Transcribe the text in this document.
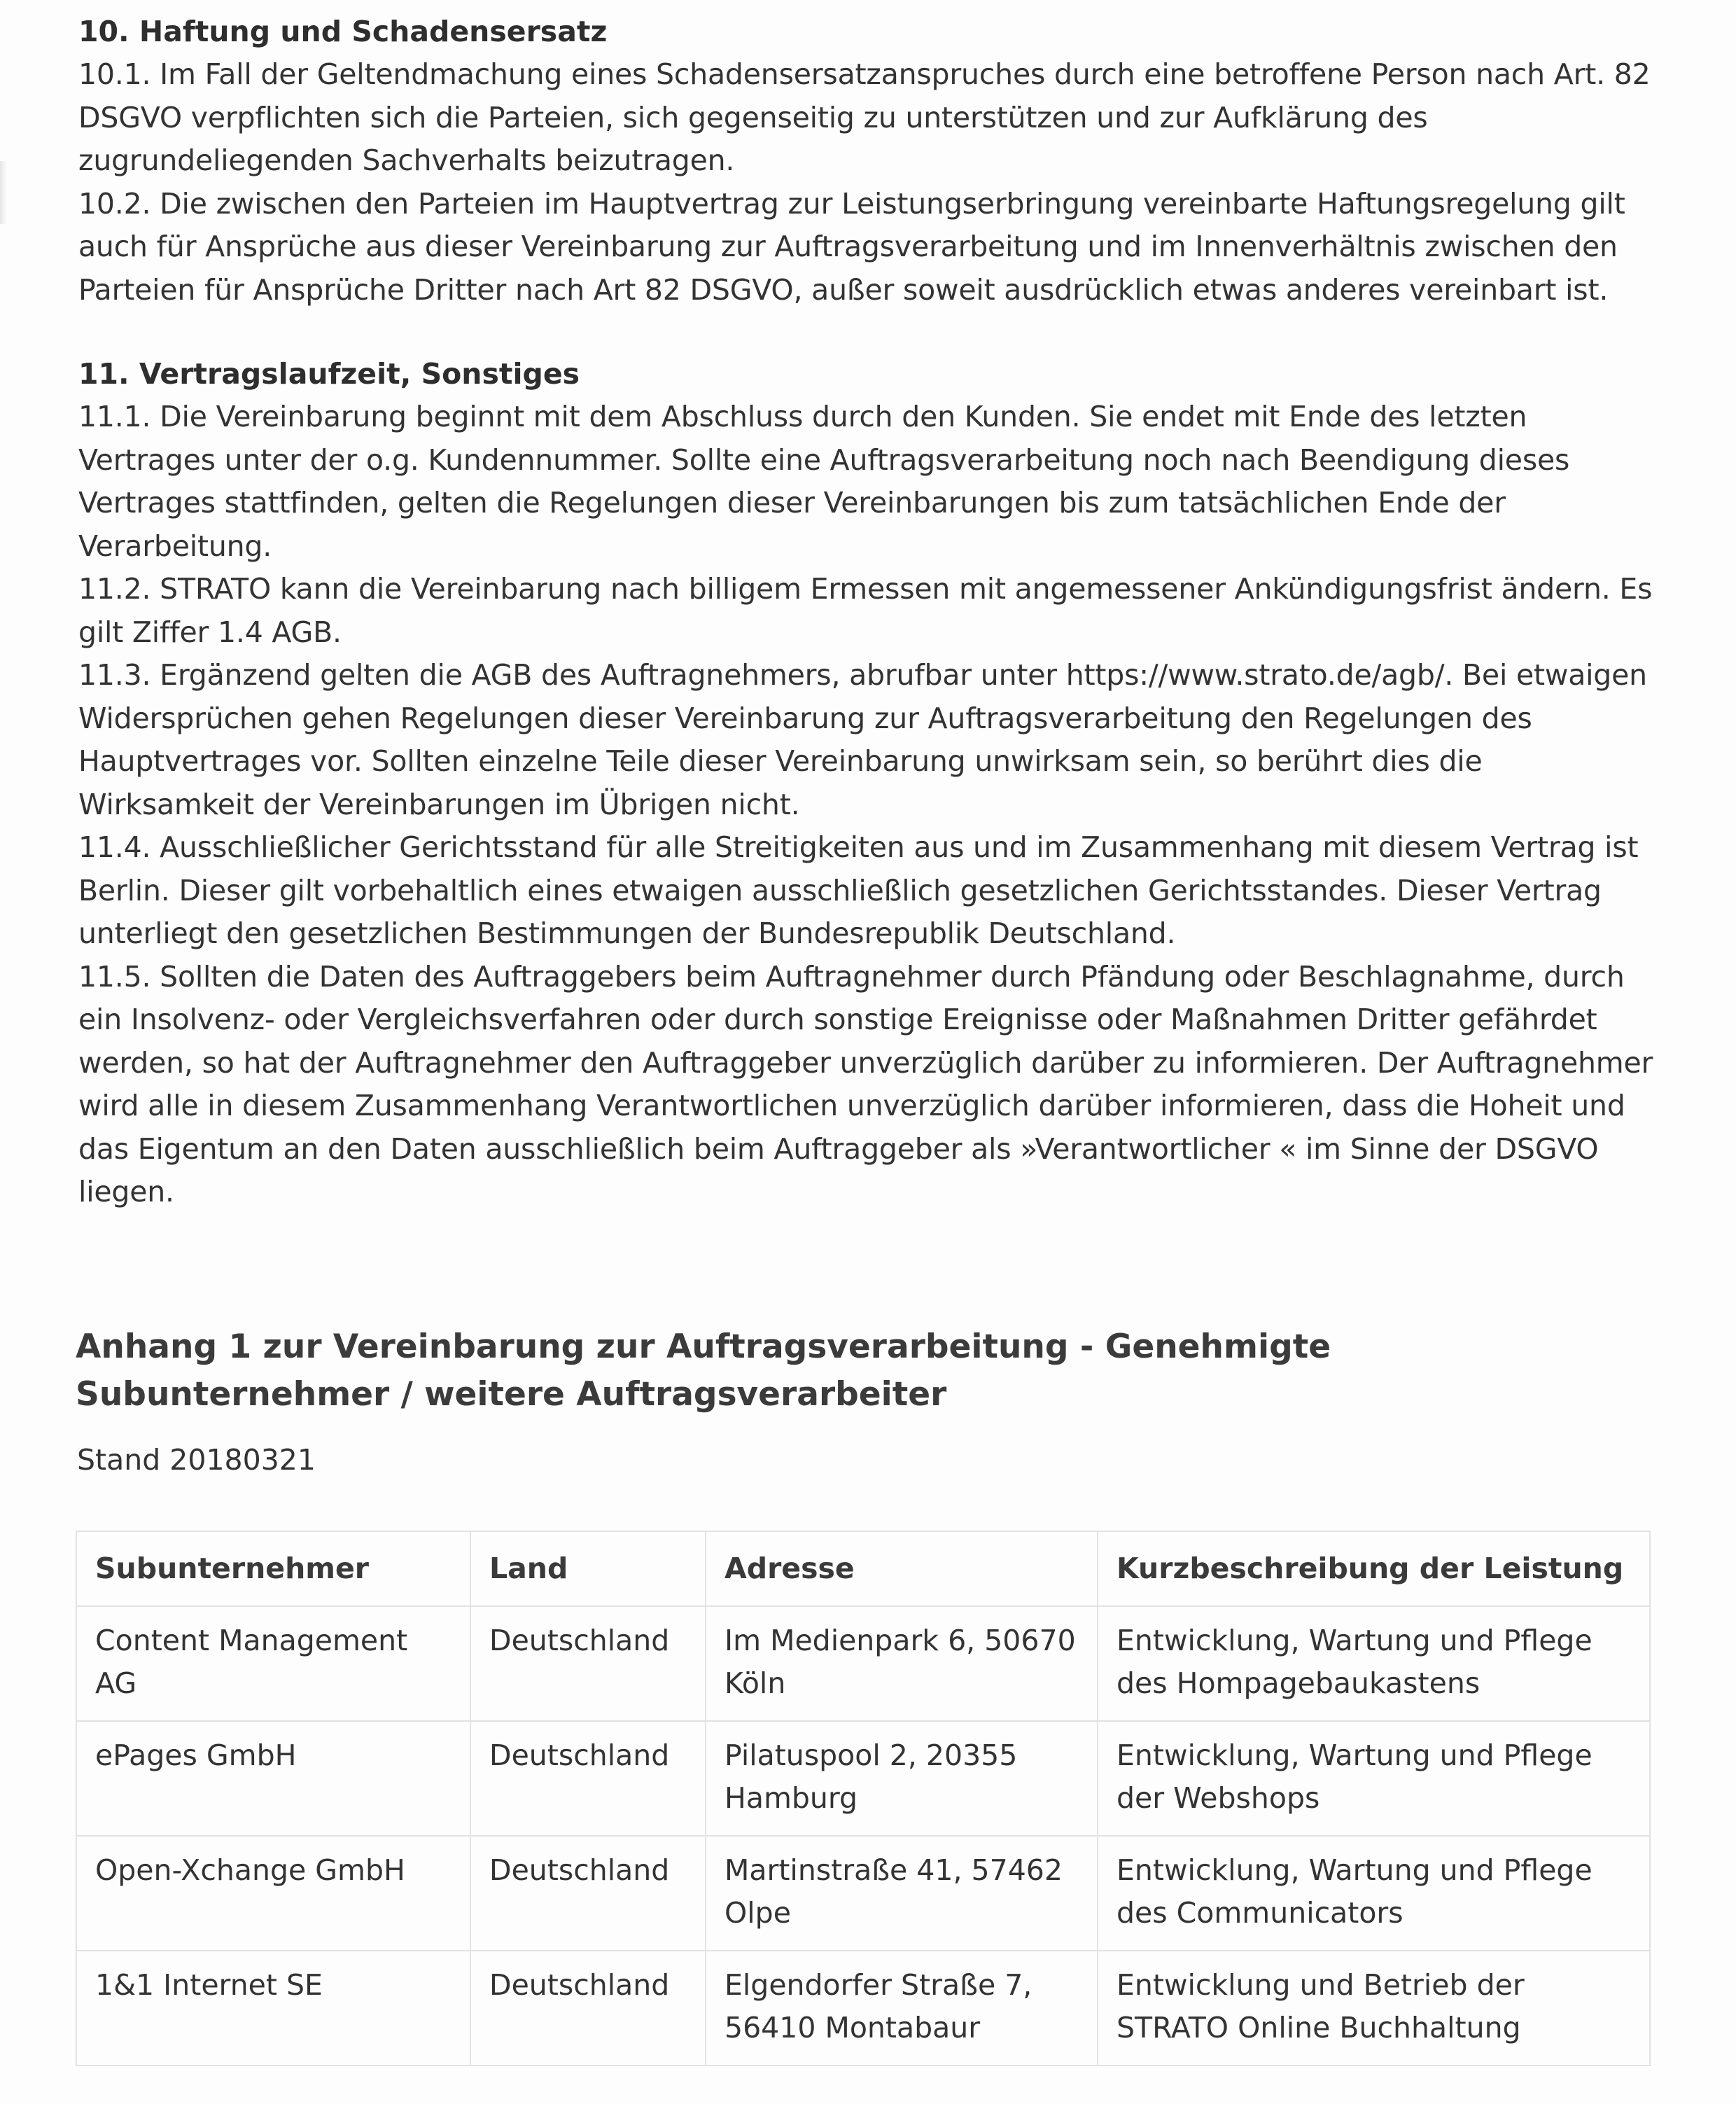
10. Haftung und Schadensersatz

10.1. Im Fall der Geltendmachung eines Schadensersatzanspruches durch eine betroffene Person nach Art. 82 DSGVO verpflichten sich die Parteien, sich gegenseitig zu unterstützen und zur Aufklärung des zugrundeliegenden Sachverhalts beizutragen.

10.2. Die zwischen den Parteien im Hauptvertrag zur Leistungserbringung vereinbarte Haftungsregelung gilt auch für Ansprüche aus dieser Vereinbarung zur Auftragsverarbeitung und im Innenverhältnis zwischen den Parteien für Ansprüche Dritter nach Art 82 DSGVO, außer soweit ausdrücklich etwas anderes vereinbart ist.

11. Vertragslaufzeit, Sonstiges

11.1. Die Vereinbarung beginnt mit dem Abschluss durch den Kunden. Sie endet mit Ende des letzten Vertrages unter der o.g. Kundennummer. Sollte eine Auftragsverarbeitung noch nach Beendigung dieses Vertrages stattfinden, gelten die Regelungen dieser Vereinbarungen bis zum tatsächlichen Ende der Verarbeitung.

11.2. STRATO kann die Vereinbarung nach billigem Ermessen mit angemessener Ankündigungsfrist ändern. Es gilt Ziffer 1.4 AGB.

11.3. Ergänzend gelten die AGB des Auftragnehmers, abrufbar unter https://www.strato.de/agb/. Bei etwaigen Widersprüchen gehen Regelungen dieser Vereinbarung zur Auftragsverarbeitung den Regelungen des Hauptvertrages vor. Sollten einzelne Teile dieser Vereinbarung unwirksam sein, so berührt dies die Wirksamkeit der Vereinbarungen im Übrigen nicht.

11.4. Ausschließlicher Gerichtsstand für alle Streitigkeiten aus und im Zusammenhang mit diesem Vertrag ist Berlin. Dieser gilt vorbehaltlich eines etwaigen ausschließlich gesetzlichen Gerichtsstandes. Dieser Vertrag unterliegt den gesetzlichen Bestimmungen der Bundesrepublik Deutschland.

11.5. Sollten die Daten des Auftraggebers beim Auftragnehmer durch Pfändung oder Beschlagnahme, durch ein Insolvenz- oder Vergleichsverfahren oder durch sonstige Ereignisse oder Maßnahmen Dritter gefährdet werden, so hat der Auftragnehmer den Auftraggeber unverzüglich darüber zu informieren. Der Auftragnehmer wird alle in diesem Zusammenhang Verantwortlichen unverzüglich darüber informieren, dass die Hoheit und das Eigentum an den Daten ausschließlich beim Auftraggeber als »Verantwortlicher « im Sinne der DSGVO liegen.

Anhang 1 zur Vereinbarung zur Auftragsverarbeitung - Genehmigte Subunternehmer / weitere Auftragsverarbeiter

Stand 20180321

Subunternehmer	Land	Adresse	Kurzbeschreibung der Leistung
Content Management AG	Deutschland	Im Medienpark 6, 50670 Köln	Entwicklung, Wartung und Pflege des Hompagebaukastens
ePages GmbH	Deutschland	Pilatuspool 2, 20355 Hamburg	Entwicklung, Wartung und Pflege der Webshops
Open-Xchange GmbH	Deutschland	Martinstraße 41, 57462 Olpe	Entwicklung, Wartung und Pflege des Communicators
1&1 Internet SE	Deutschland	Elgendorfer Straße 7, 56410 Montabaur	Entwicklung und Betrieb der STRATO Online Buchhaltung
